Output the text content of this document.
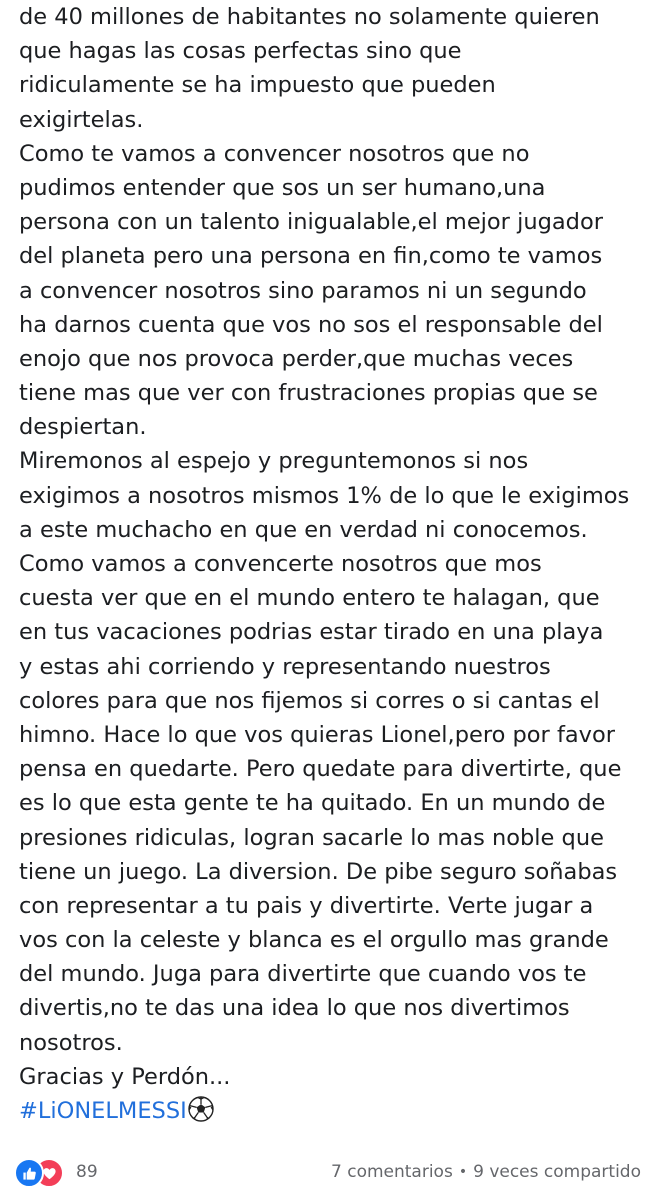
de 40 millones de habitantes no solamente quieren
que hagas las cosas perfectas sino que
ridiculamente se ha impuesto que pueden
exigirtelas.
Como te vamos a convencer nosotros que no
pudimos entender que sos un ser humano,una
persona con un talento inigualable,el mejor jugador
del planeta pero una persona en fin,como te vamos
a convencer nosotros sino paramos ni un segundo
ha darnos cuenta que vos no sos el responsable del
enojo que nos provoca perder,que muchas veces
tiene mas que ver con frustraciones propias que se
despiertan.
Miremonos al espejo y preguntemonos si nos
exigimos a nosotros mismos 1% de lo que le exigimos
a este muchacho en que en verdad ni conocemos.
Como vamos a convencerte nosotros que mos
cuesta ver que en el mundo entero te halagan, que
en tus vacaciones podrias estar tirado en una playa
y estas ahi corriendo y representando nuestros
colores para que nos fijemos si corres o si cantas el
himno. Hace lo que vos quieras Lionel,pero por favor
pensa en quedarte. Pero quedate para divertirte, que
es lo que esta gente te ha quitado. En un mundo de
presiones ridiculas, logran sacarle lo mas noble que
tiene un juego. La diversion. De pibe seguro soñabas
con representar a tu pais y divertirte. Verte jugar a
vos con la celeste y blanca es el orgullo mas grande
del mundo. Juga para divertirte que cuando vos te
divertis,no te das una idea lo que nos divertimos
nosotros.
Gracias y Perdón...
#LiONELMESSI
89	7 comentarios • 9 veces compartido
